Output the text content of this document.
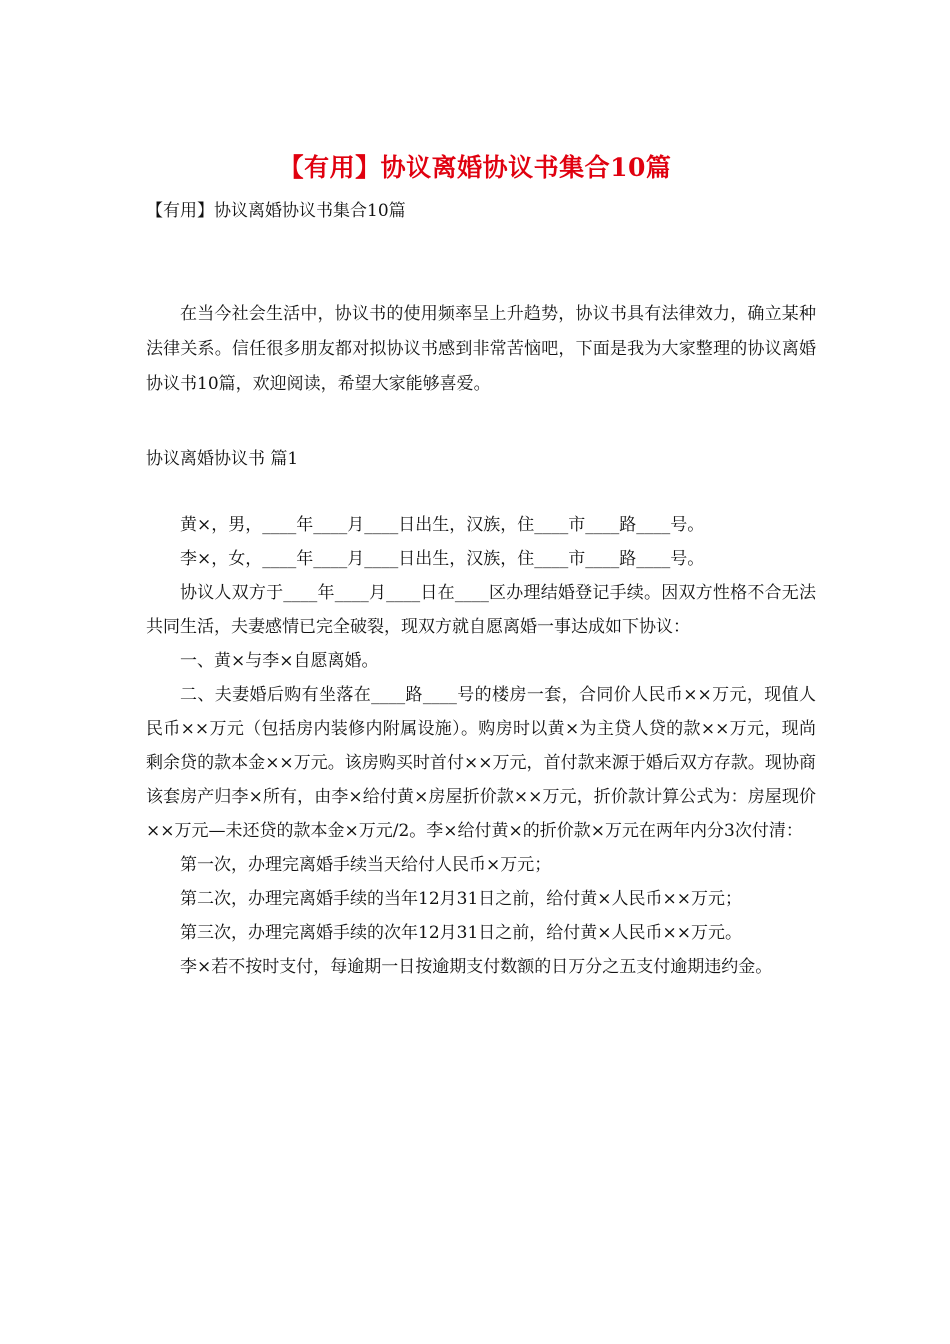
【有用】协议离婚协议书集合10篇
【有用】协议离婚协议书集合10篇
在当今社会生活中，协议书的使用频率呈上升趋势，协议书具有法律效力，确立某种法律关系。信任很多朋友都对拟协议书感到非常苦恼吧，下面是我为大家整理的协议离婚协议书10篇，欢迎阅读，希望大家能够喜爱。
协议离婚协议书 篇1
黄×，男，____年____月____日出生，汉族，住____市____路____号。
李×，女，____年____月____日出生，汉族，住____市____路____号。
协议人双方于____年____月____日在____区办理结婚登记手续。因双方性格不合无法共同生活，夫妻感情已完全破裂，现双方就自愿离婚一事达成如下协议：
一、黄×与李×自愿离婚。
二、夫妻婚后购有坐落在____路____号的楼房一套，合同价人民币××万元，现值人民币××万元（包括房内装修内附属设施）。购房时以黄×为主贷人贷的款××万元，现尚剩余贷的款本金××万元。该房购买时首付××万元，首付款来源于婚后双方存款。现协商该套房产归李×所有，由李×给付黄×房屋折价款××万元，折价款计算公式为：房屋现价××万元—未还贷的款本金×万元/2。李×给付黄×的折价款×万元在两年内分3次付清：
第一次，办理完离婚手续当天给付人民币×万元；
第二次，办理完离婚手续的当年12月31日之前，给付黄×人民币××万元；
第三次，办理完离婚手续的次年12月31日之前，给付黄×人民币××万元。
李×若不按时支付，每逾期一日按逾期支付数额的日万分之五支付逾期违约金。
